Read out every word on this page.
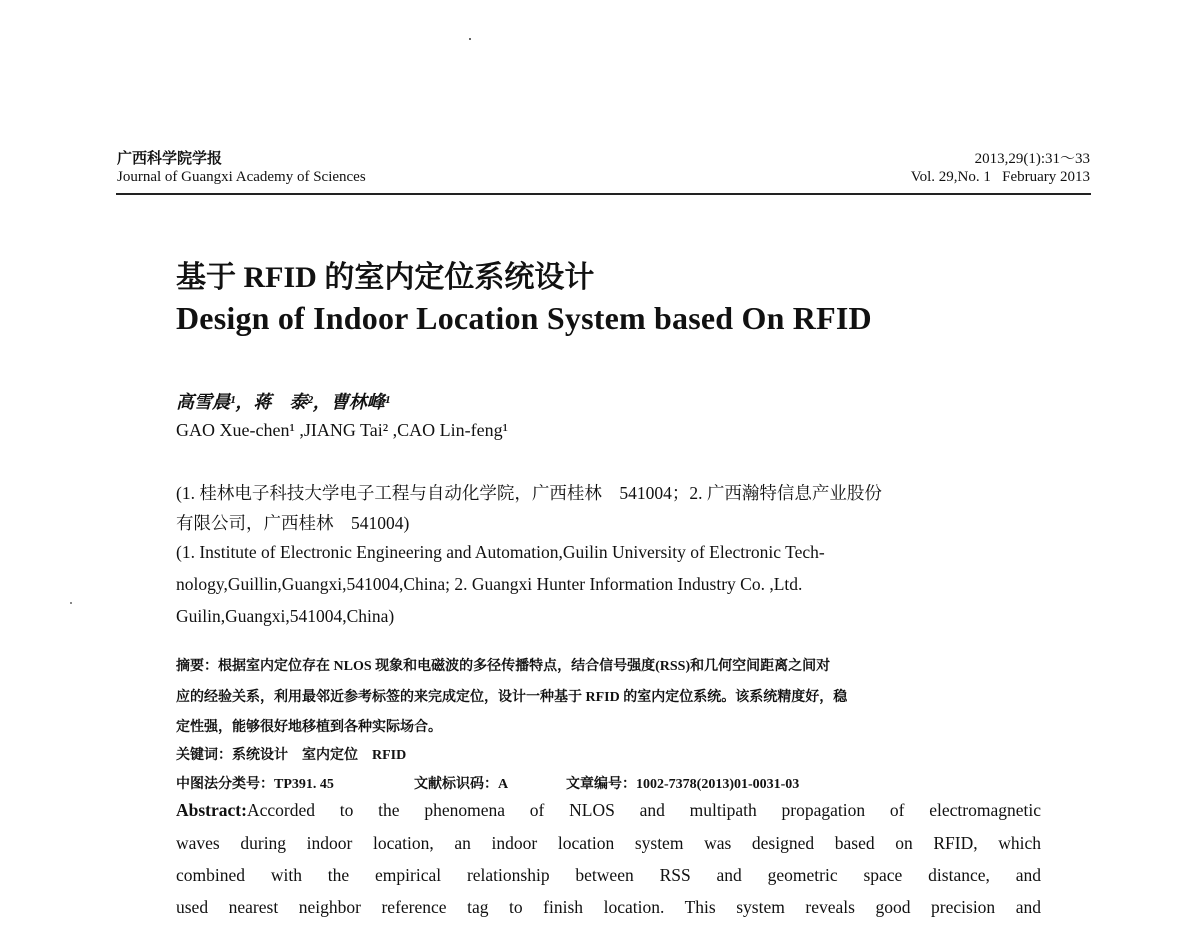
广西科学院学报
Journal of Guangxi Academy of Sciences
2013,29(1):31～33
Vol. 29,No. 1   February 2013
基于 RFID 的室内定位系统设计
Design of Indoor Location System based On RFID
高雪晨¹，蒋　泰²，曹林峰¹
GAO Xue-chen¹ ,JIANG Tai² ,CAO Lin-feng¹
(1. 桂林电子科技大学电子工程与自动化学院，广西桂林　541004；2. 广西瀚特信息产业股份
有限公司，广西桂林　541004)
(1. Institute of Electronic Engineering and Automation,Guilin University of Electronic Tech-
nology,Guillin,Guangxi,541004,China; 2. Guangxi Hunter Information Industry Co. ,Ltd.
Guilin,Guangxi,541004,China)
摘要：根据室内定位存在 NLOS 现象和电磁波的多径传播特点，结合信号强度(RSS)和几何空间距离之间对
应的经验关系，利用最邻近参考标签的来完成定位，设计一种基于 RFID 的室内定位系统。该系统精度好，稳
定性强，能够很好地移植到各种实际场合。
关键词：系统设计　室内定位　RFID
中图法分类号：TP391. 45	文献标识码：A	文章编号：1002-7378(2013)01-0031-03
Abstract:Accorded to the phenomena of NLOS and multipath propagation of electromagnetic
waves during indoor location, an indoor location system was designed based on RFID, which
combined with the empirical relationship between RSS and geometric space distance, and
used nearest neighbor reference tag to finish location. This system reveals good precision and
